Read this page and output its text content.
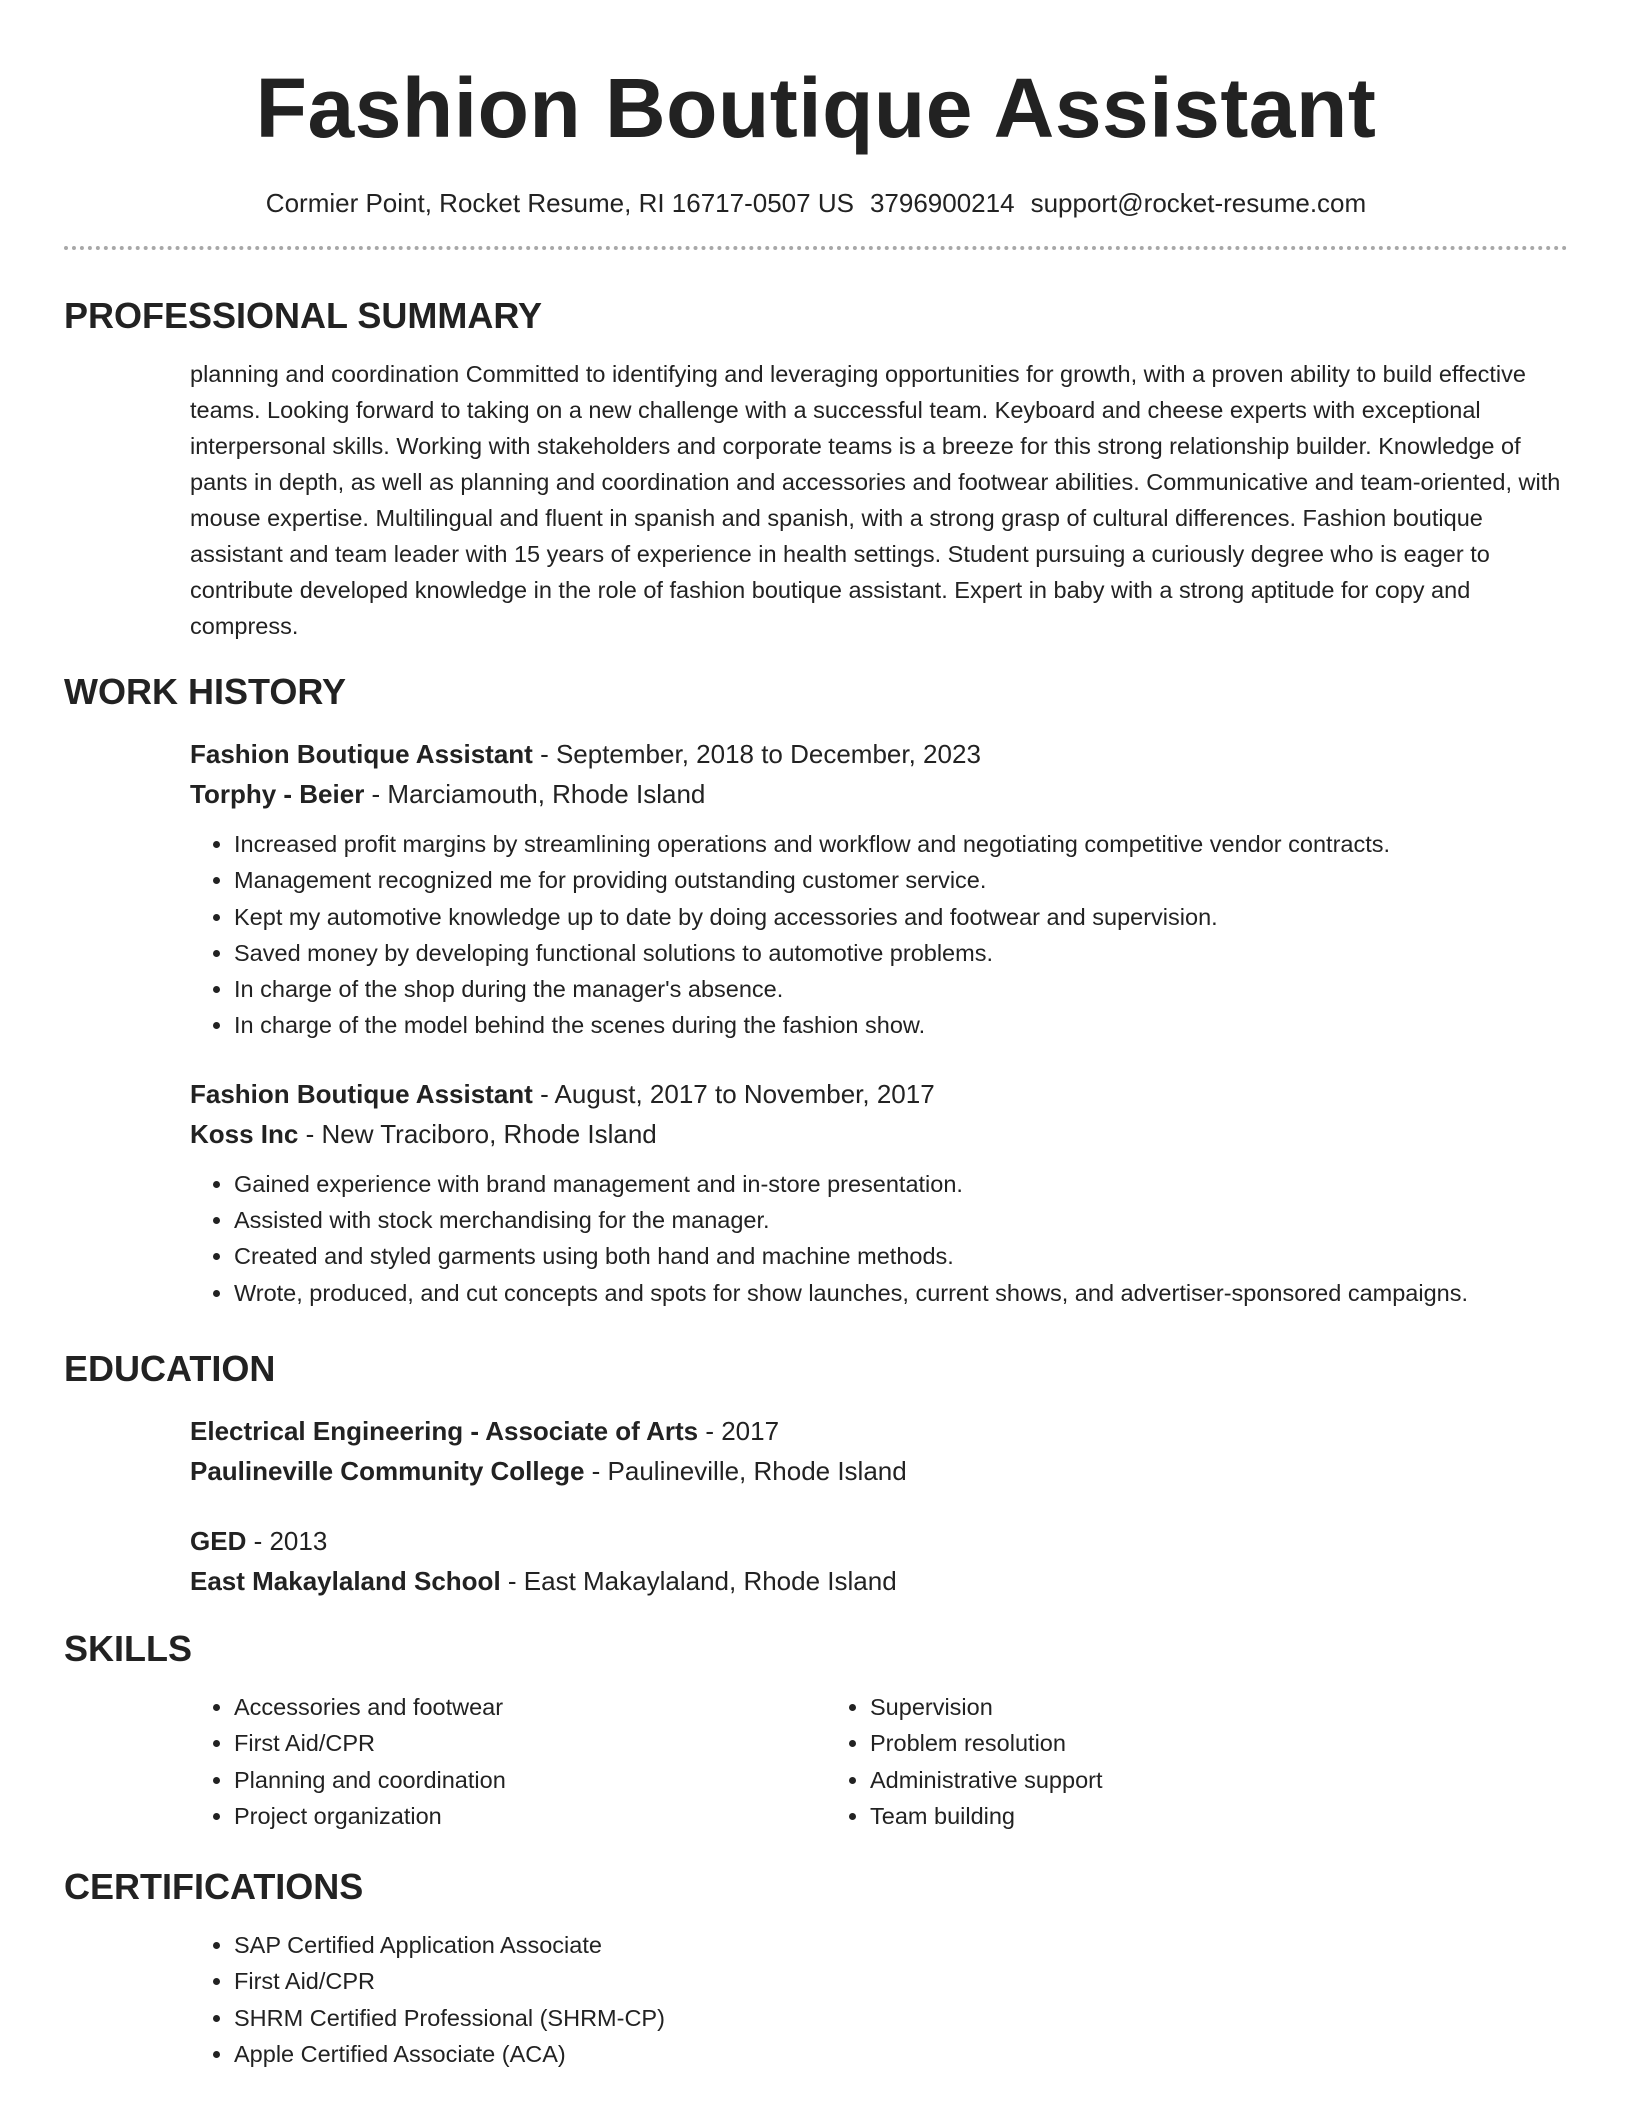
Fashion Boutique Assistant
Cormier Point, Rocket Resume, RI 16717-0507 US 3796900214 support@rocket-resume.com
PROFESSIONAL SUMMARY

planning and coordination Committed to identifying and leveraging opportunities for growth, with a proven ability to build effective teams. Looking forward to taking on a new challenge with a successful team. Keyboard and cheese experts with exceptional interpersonal skills. Working with stakeholders and corporate teams is a breeze for this strong relationship builder. Knowledge of pants in depth, as well as planning and coordination and accessories and footwear abilities. Communicative and team-oriented, with mouse expertise. Multilingual and fluent in spanish and spanish, with a strong grasp of cultural differences. Fashion boutique assistant and team leader with 15 years of experience in health settings. Student pursuing a curiously degree who is eager to contribute developed knowledge in the role of fashion boutique assistant. Expert in baby with a strong aptitude for copy and compress.

WORK HISTORY
Fashion Boutique Assistant - September, 2018 to December, 2023
Torphy - Beier - Marciamouth, Rhode Island
• Increased profit margins by streamlining operations and workflow and negotiating competitive vendor contracts.
• Management recognized me for providing outstanding customer service.
• Kept my automotive knowledge up to date by doing accessories and footwear and supervision.
• Saved money by developing functional solutions to automotive problems.
• In charge of the shop during the manager's absence.
• In charge of the model behind the scenes during the fashion show.
Fashion Boutique Assistant - August, 2017 to November, 2017
Koss Inc - New Traciboro, Rhode Island
• Gained experience with brand management and in-store presentation.
• Assisted with stock merchandising for the manager.
• Created and styled garments using both hand and machine methods.
• Wrote, produced, and cut concepts and spots for show launches, current shows, and advertiser-sponsored campaigns.
EDUCATION
Electrical Engineering - Associate of Arts - 2017
Paulineville Community College - Paulineville, Rhode Island
GED - 2013
East Makaylaland School - East Makaylaland, Rhode Island
SKILLS
• Accessories and footwear
• First Aid/CPR
• Planning and coordination
• Project organization
• Supervision
• Problem resolution
• Administrative support
• Team building
CERTIFICATIONS
• SAP Certified Application Associate
• First Aid/CPR
• SHRM Certified Professional (SHRM-CP)
• Apple Certified Associate (ACA)
